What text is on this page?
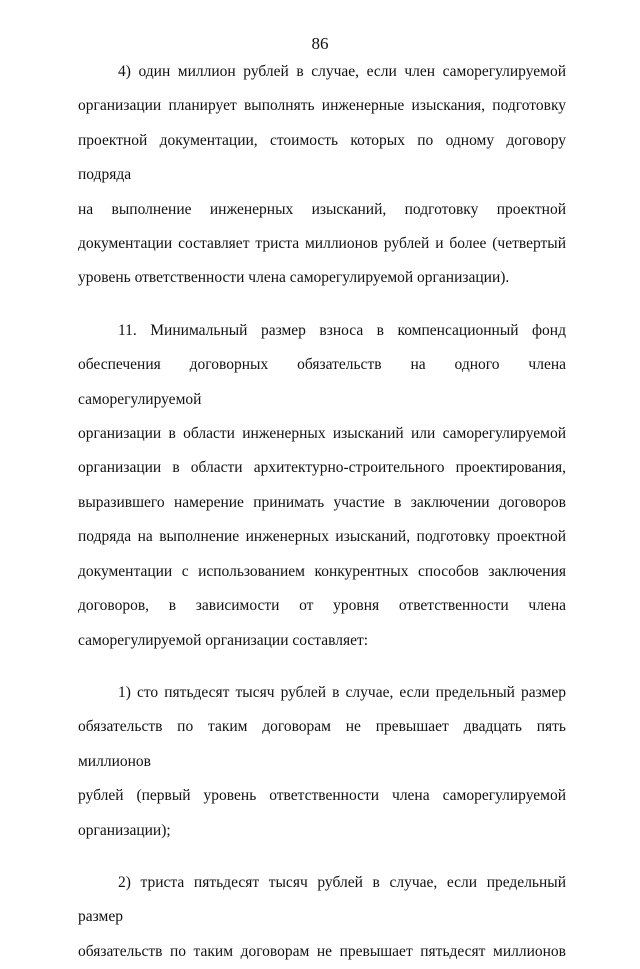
86

4) один миллион рублей в случае, если член саморегулируемой
организации планирует выполнять инженерные изыскания, подготовку
проектной документации, стоимость которых по одному договору подряда
на выполнение инженерных изысканий, подготовку проектной
документации составляет триста миллионов рублей и более (четвертый
уровень ответственности члена саморегулируемой организации).

11. Минимальный размер взноса в компенсационный фонд
обеспечения договорных обязательств на одного члена саморегулируемой
организации в области инженерных изысканий или саморегулируемой
организации в области архитектурно-строительного проектирования,
выразившего намерение принимать участие в заключении договоров
подряда на выполнение инженерных изысканий, подготовку проектной
документации с использованием конкурентных способов заключения
договоров, в зависимости от уровня ответственности члена
саморегулируемой организации составляет:

1) сто пятьдесят тысяч рублей в случае, если предельный размер
обязательств по таким договорам не превышает двадцать пять миллионов
рублей (первый уровень ответственности члена саморегулируемой
организации);

2) триста пятьдесят тысяч рублей в случае, если предельный размер
обязательств по таким договорам не превышает пятьдесят миллионов
